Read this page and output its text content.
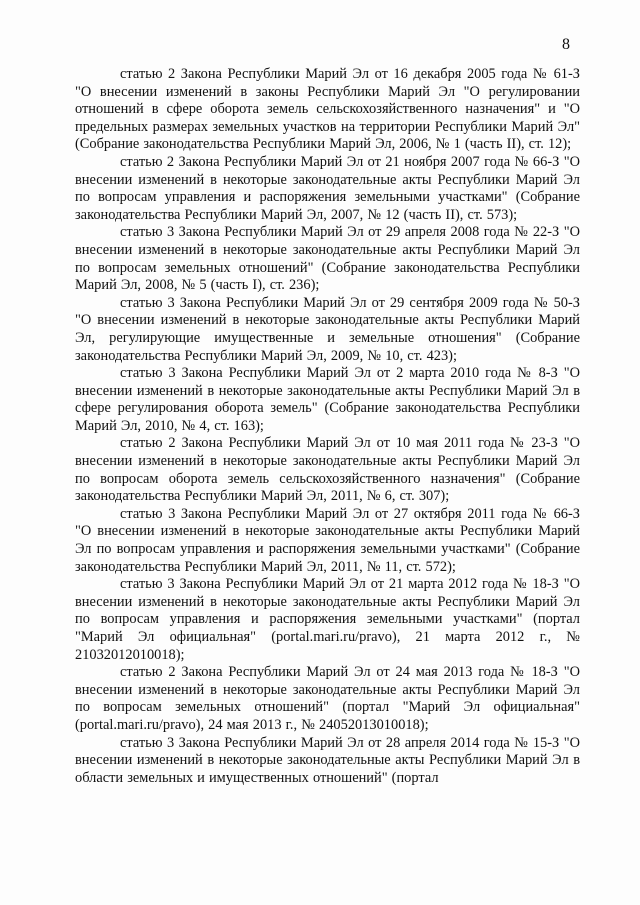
8

статью 2 Закона Республики Марий Эл от 16 декабря 2005 года № 61-З "О внесении изменений в законы Республики Марий Эл "О регулировании отношений в сфере оборота земель сельскохозяйственного назначения" и "О предельных размерах земельных участков на территории Республики Марий Эл" (Собрание законодательства Республики Марий Эл, 2006, № 1 (часть II), ст. 12);

статью 2 Закона Республики Марий Эл от 21 ноября 2007 года № 66-З "О внесении изменений в некоторые законодательные акты Республики Марий Эл по вопросам управления и распоряжения земельными участками" (Собрание законодательства Республики Марий Эл, 2007, № 12 (часть II), ст. 573);

статью 3 Закона Республики Марий Эл от 29 апреля 2008 года № 22-З "О внесении изменений в некоторые законодательные акты Республики Марий Эл по вопросам земельных отношений" (Собрание законодательства Республики Марий Эл, 2008, № 5 (часть I), ст. 236);

статью 3 Закона Республики Марий Эл от 29 сентября 2009 года № 50-З "О внесении изменений в некоторые законодательные акты Республики Марий Эл, регулирующие имущественные и земельные отношения" (Собрание законодательства Республики Марий Эл, 2009, № 10, ст. 423);

статью 3 Закона Республики Марий Эл от 2 марта 2010 года № 8-З "О внесении изменений в некоторые законодательные акты Республики Марий Эл в сфере регулирования оборота земель" (Собрание законодательства Республики Марий Эл, 2010, № 4, ст. 163);

статью 2 Закона Республики Марий Эл от 10 мая 2011 года № 23-З "О внесении изменений в некоторые законодательные акты Республики Марий Эл по вопросам оборота земель сельскохозяйственного назначения" (Собрание законодательства Республики Марий Эл, 2011, № 6, ст. 307);

статью 3 Закона Республики Марий Эл от 27 октября 2011 года № 66-З "О внесении изменений в некоторые законодательные акты Республики Марий Эл по вопросам управления и распоряжения земельными участками" (Собрание законодательства Республики Марий Эл, 2011, № 11, ст. 572);

статью 3 Закона Республики Марий Эл от 21 марта 2012 года № 18-З "О внесении изменений в некоторые законодательные акты Республики Марий Эл по вопросам управления и распоряжения земельными участками" (портал "Марий Эл официальная" (portal.mari.ru/pravo), 21 марта 2012 г., № 21032012010018);

статью 2 Закона Республики Марий Эл от 24 мая 2013 года № 18-З "О внесении изменений в некоторые законодательные акты Республики Марий Эл по вопросам земельных отношений" (портал "Марий Эл официальная" (portal.mari.ru/pravo), 24 мая 2013 г., № 24052013010018);

статью 3 Закона Республики Марий Эл от 28 апреля 2014 года № 15-З "О внесении изменений в некоторые законодательные акты Республики Марий Эл в области земельных и имущественных отношений" (портал
